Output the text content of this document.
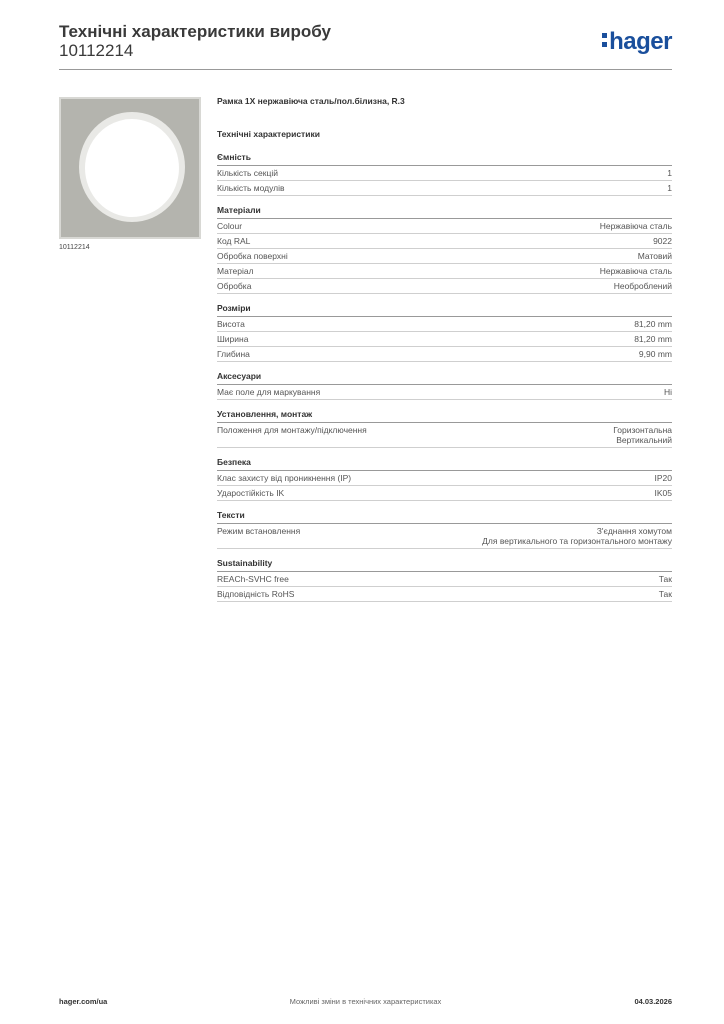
Технічні характеристики виробу
10112214	hager
10112214
Рамка 1Х нержавіюча сталь/пол.білизна, R.3
Технічні характеристики
Ємність
Кількість секцій	1
Кількість модулів	1
Матеріали
Colour	Нержавіюча сталь
Код RAL	9022
Обробка поверхні	Матовий
Матеріал	Нержавіюча сталь
Обробка	Необроблений
Розміри
Висота	81,20 mm
Ширина	81,20 mm
Глибина	9,90 mm
Аксесуари
Має поле для маркування	Ні
Установлення, монтаж
Положення для монтажу/підключення	Горизонтальна
Вертикальний
Безпека
Клас захисту від проникнення (IP)	IP20
Ударостійкість IK	IK05
Тексти
Режим встановлення	З'єднання хомутом
Для вертикального та горизонтального монтажу
Sustainability
REACh-SVHC free	Так
Відповідність RoHS	Так
Можливі зміни в технічних характеристиках
hager.com/ua	04.03.2026
